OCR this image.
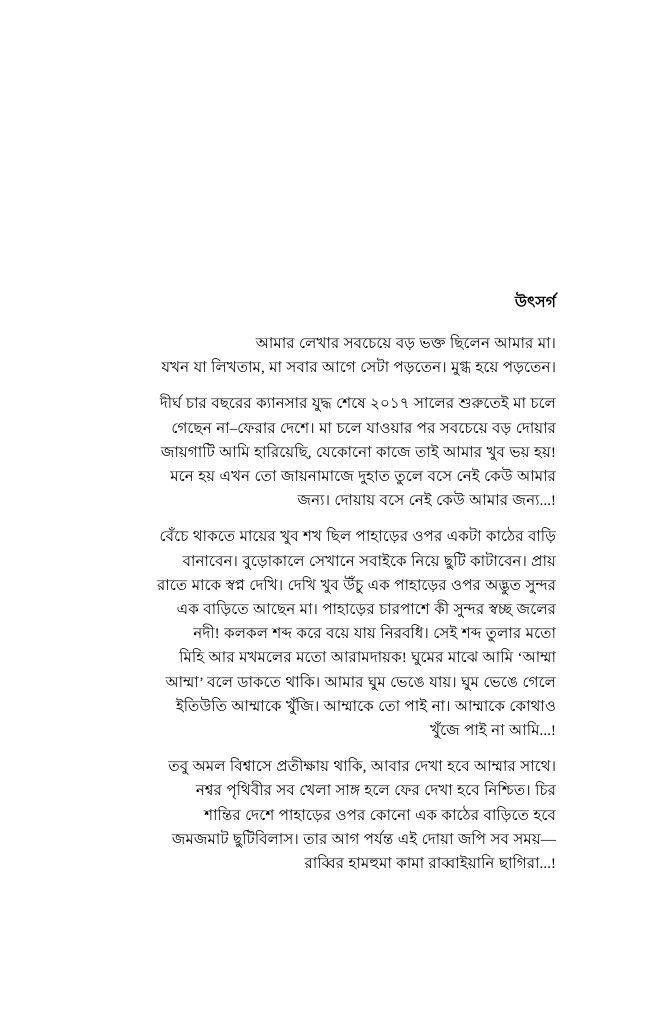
উৎসর্গ

আমার লেখার সবচেয়ে বড় ভক্ত ছিলেন আমার মা।
যখন যা লিখতাম, মা সবার আগে সেটা পড়তেন। মুগ্ধ হয়ে পড়তেন।

দীর্ঘ চার বছরের ক্যানসার যুদ্ধ শেষে ২০১৭ সালের শুরুতেই মা চলে
গেছেন না–ফেরার দেশে। মা চলে যাওয়ার পর সবচেয়ে বড় দোয়ার
জায়গাটি আমি হারিয়েছি, যেকোনো কাজে তাই আমার খুব ভয় হয়!
মনে হয় এখন তো জায়নামাজে দুহাত তুলে বসে নেই কেউ আমার
জন্য। দোয়ায় বসে নেই কেউ আমার জন্য...!

বেঁচে থাকতে মায়ের খুব শখ ছিল পাহাড়ের ওপর একটা কাঠের বাড়ি
বানাবেন। বুড়োকালে সেখানে সবাইকে নিয়ে ছুটি কাটাবেন। প্রায়
রাতে মাকে স্বপ্ন দেখি। দেখি খুব উঁচু এক পাহাড়ের ওপর অদ্ভুত সুন্দর
এক বাড়িতে আছেন মা। পাহাড়ের চারপাশে কী সুন্দর স্বচ্ছ জলের
নদী! কলকল শব্দ করে বয়ে যায় নিরবধি। সেই শব্দ তুলার মতো
মিহি আর মখমলের মতো আরামদায়ক! ঘুমের মাঝে আমি ‘আম্মা
আম্মা’ বলে ডাকতে থাকি। আমার ঘুম ভেঙে যায়। ঘুম ভেঙে গেলে
ইতিউতি আম্মাকে খুঁজি। আম্মাকে তো পাই না। আম্মাকে কোথাও
খুঁজে পাই না আমি...!

তবু অমল বিশ্বাসে প্রতীক্ষায় থাকি, আবার দেখা হবে আম্মার সাথে।
নশ্বর পৃথিবীর সব খেলা সাঙ্গ হলে ফের দেখা হবে নিশ্চিত। চির
শান্তির দেশে পাহাড়ের ওপর কোনো এক কাঠের বাড়িতে হবে
জমজমাট ছুটিবিলাস। তার আগ পর্যন্ত এই দোয়া জপি সব সময়—
রাব্বির হামহুমা কামা রাব্বাইয়ানি ছাগিরা...!
